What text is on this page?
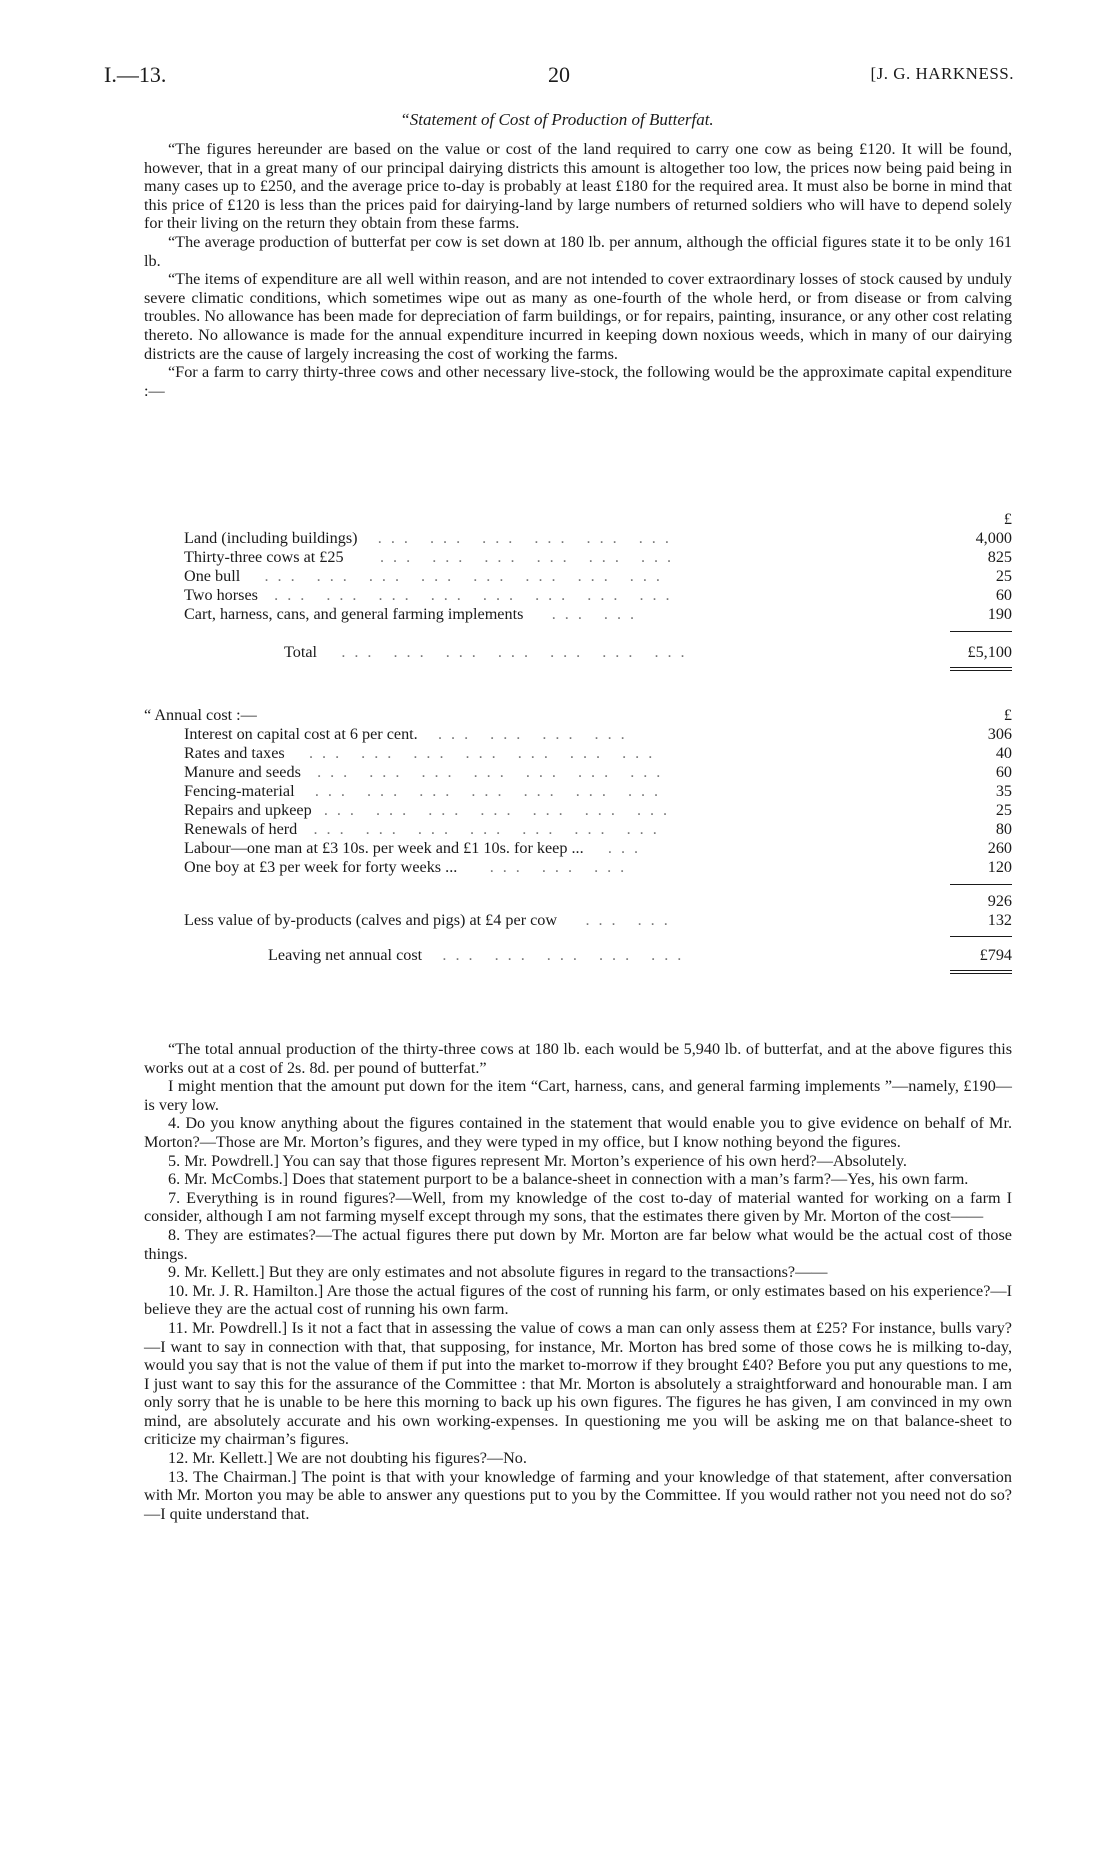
I.—13.	20	[J. G. HARKNESS.
“Statement of Cost of Production of Butterfat.

“The figures hereunder are based on the value or cost of the land required to carry one cow as being £120. It will be found, however, that in a great many of our principal dairying districts this amount is altogether too low, the prices now being paid being in many cases up to £250, and the average price to-day is probably at least £180 for the required area. It must also be borne in mind that this price of £120 is less than the prices paid for dairying-land by large numbers of returned soldiers who will have to depend solely for their living on the return they obtain from these farms.

“The average production of butterfat per cow is set down at 180 lb. per annum, although the official figures state it to be only 161 lb.

“The items of expenditure are all well within reason, and are not intended to cover extraordinary losses of stock caused by unduly severe climatic conditions, which sometimes wipe out as many as one-fourth of the whole herd, or from disease or from calving troubles. No allowance has been made for depreciation of farm buildings, or for repairs, painting, insurance, or any other cost relating thereto. No allowance is made for the annual expenditure incurred in keeping down noxious weeds, which in many of our dairying districts are the cause of largely increasing the cost of working the farms.

“For a farm to carry thirty-three cows and other necessary live-stock, the following would be the approximate capital expenditure :—

£
Land (including buildings) ... ... ... ... ... ...	4,000
Thirty-three cows at £25 ... ... ... ... ... ...	825
One bull ... ... ... ... ... ... ... ...	25
Two horses ... ... ... ... ... ... ... ...	60
Cart, harness, cans, and general farming implements ... ...	190
Total ... ... ... ... ... ... ...	£5,100
“ Annual cost :—	£
Interest on capital cost at 6 per cent. ... ... ... ...	306
Rates and taxes ... ... ... ... ... ... ...	40
Manure and seeds ... ... ... ... ... ... ...	60
Fencing-material ... ... ... ... ... ... ...	35
Repairs and upkeep ... ... ... ... ... ... ...	25
Renewals of herd ... ... ... ... ... ... ...	80
Labour—one man at £3 10s. per week and £1 10s. for keep ... ...	260
One boy at £3 per week for forty weeks ... ... ... ...	120
926
Less value of by-products (calves and pigs) at £4 per cow ... ...	132
Leaving net annual cost ... ... ... ... ...	£794

“The total annual production of the thirty-three cows at 180 lb. each would be 5,940 lb. of butterfat, and at the above figures this works out at a cost of 2s. 8d. per pound of butterfat.”

I might mention that the amount put down for the item “Cart, harness, cans, and general farming implements ”—namely, £190—is very low.

4. Do you know anything about the figures contained in the statement that would enable you to give evidence on behalf of Mr. Morton?—Those are Mr. Morton’s figures, and they were typed in my office, but I know nothing beyond the figures.

5. Mr. Powdrell.] You can say that those figures represent Mr. Morton’s experience of his own herd?—Absolutely.

6. Mr. McCombs.] Does that statement purport to be a balance-sheet in connection with a man’s farm?—Yes, his own farm.

7. Everything is in round figures?—Well, from my knowledge of the cost to-day of material wanted for working on a farm I consider, although I am not farming myself except through my sons, that the estimates there given by Mr. Morton of the cost——

8. They are estimates?—The actual figures there put down by Mr. Morton are far below what would be the actual cost of those things.

9. Mr. Kellett.] But they are only estimates and not absolute figures in regard to the transactions?——

10. Mr. J. R. Hamilton.] Are those the actual figures of the cost of running his farm, or only estimates based on his experience?—I believe they are the actual cost of running his own farm.

11. Mr. Powdrell.] Is it not a fact that in assessing the value of cows a man can only assess them at £25? For instance, bulls vary?—I want to say in connection with that, that supposing, for instance, Mr. Morton has bred some of those cows he is milking to-day, would you say that is not the value of them if put into the market to-morrow if they brought £40? Before you put any questions to me, I just want to say this for the assurance of the Committee : that Mr. Morton is absolutely a straightforward and honourable man. I am only sorry that he is unable to be here this morning to back up his own figures. The figures he has given, I am convinced in my own mind, are absolutely accurate and his own working-expenses. In questioning me you will be asking me on that balance-sheet to criticize my chairman’s figures.

12. Mr. Kellett.] We are not doubting his figures?—No.

13. The Chairman.] The point is that with your knowledge of farming and your knowledge of that statement, after conversation with Mr. Morton you may be able to answer any questions put to you by the Committee. If you would rather not you need not do so?—I quite understand that.
